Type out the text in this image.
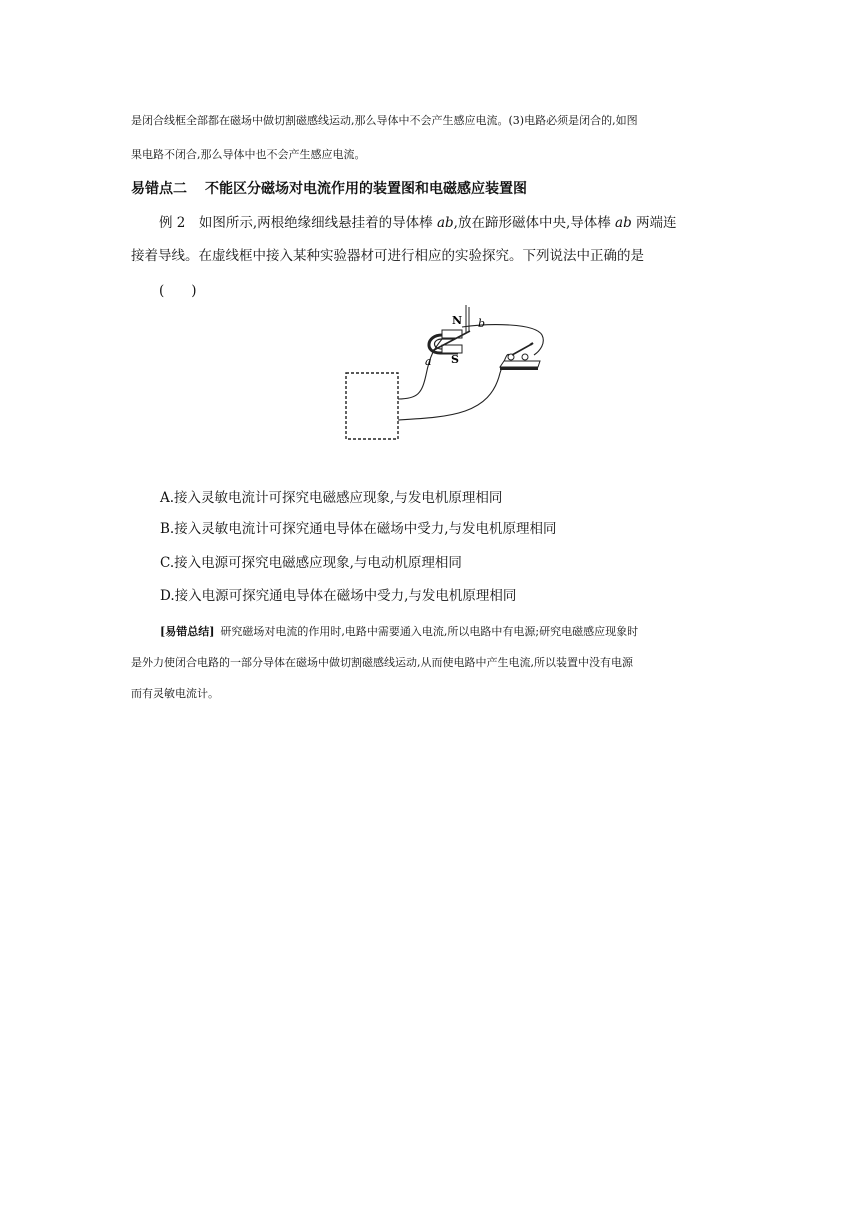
是闭合线框全部都在磁场中做切割磁感线运动,那么导体中不会产生感应电流。(3)电路必须是闭合的,如图
果电路不闭合,那么导体中也不会产生感应电流。
易错点二 不能区分磁场对电流作用的装置图和电磁感应装置图
例 2　如图所示,两根绝缘细线悬挂着的导体棒 ab,放在蹄形磁体中央,导体棒 ab 两端连
接着导线。在虚线框中接入某种实验器材可进行相应的实验探究。下列说法中正确的是
(　　)
N
S
a
b
A.接入灵敏电流计可探究电磁感应现象,与发电机原理相同
B.接入灵敏电流计可探究通电导体在磁场中受力,与发电机原理相同
C.接入电源可探究电磁感应现象,与电动机原理相同
D.接入电源可探究通电导体在磁场中受力,与发电机原理相同
[易错总结] 研究磁场对电流的作用时,电路中需要通入电流,所以电路中有电源;研究电磁感应现象时
是外力使闭合电路的一部分导体在磁场中做切割磁感线运动,从而使电路中产生电流,所以装置中没有电源
而有灵敏电流计。
